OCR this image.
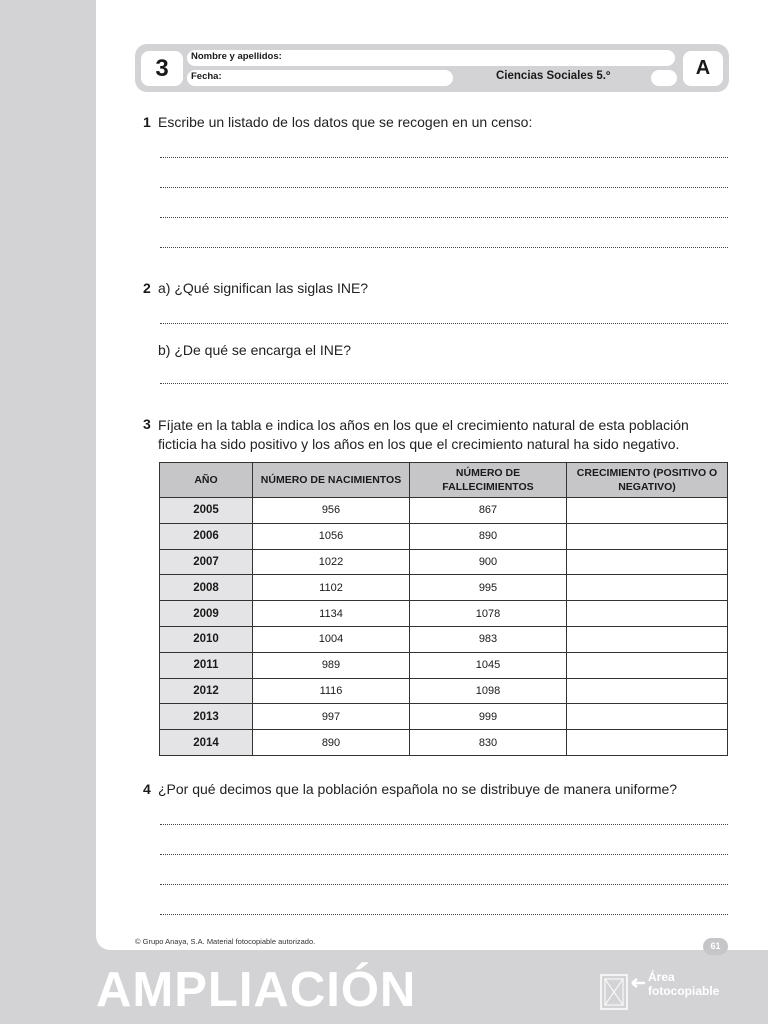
3	Nombre y apellidos:
Fecha:	Ciencias Sociales 5.º	A
1 Escribe un listado de los datos que se recogen en un censo:
2 a) ¿Qué significan las siglas INE?
b) ¿De qué se encarga el INE?
3 Fíjate en la tabla e indica los años en los que el crecimiento natural de esta población ficticia ha sido positivo y los años en los que el crecimiento natural ha sido negativo.
AÑO	NÚMERO DE NACIMIENTOS	NÚMERO DE FALLECIMIENTOS	CRECIMIENTO (POSITIVO O NEGATIVO)
2005	956	867	
2006	1056	890	
2007	1022	900	
2008	1102	995	
2009	1134	1078	
2010	1004	983	
2011	989	1045	
2012	1116	1098	
2013	997	999	
2014	890	830	
4 ¿Por qué decimos que la población española no se distribuye de manera uniforme?
© Grupo Anaya, S.A. Material fotocopiable autorizado.	61
AMPLIACIÓN	Área
fotocopiable
